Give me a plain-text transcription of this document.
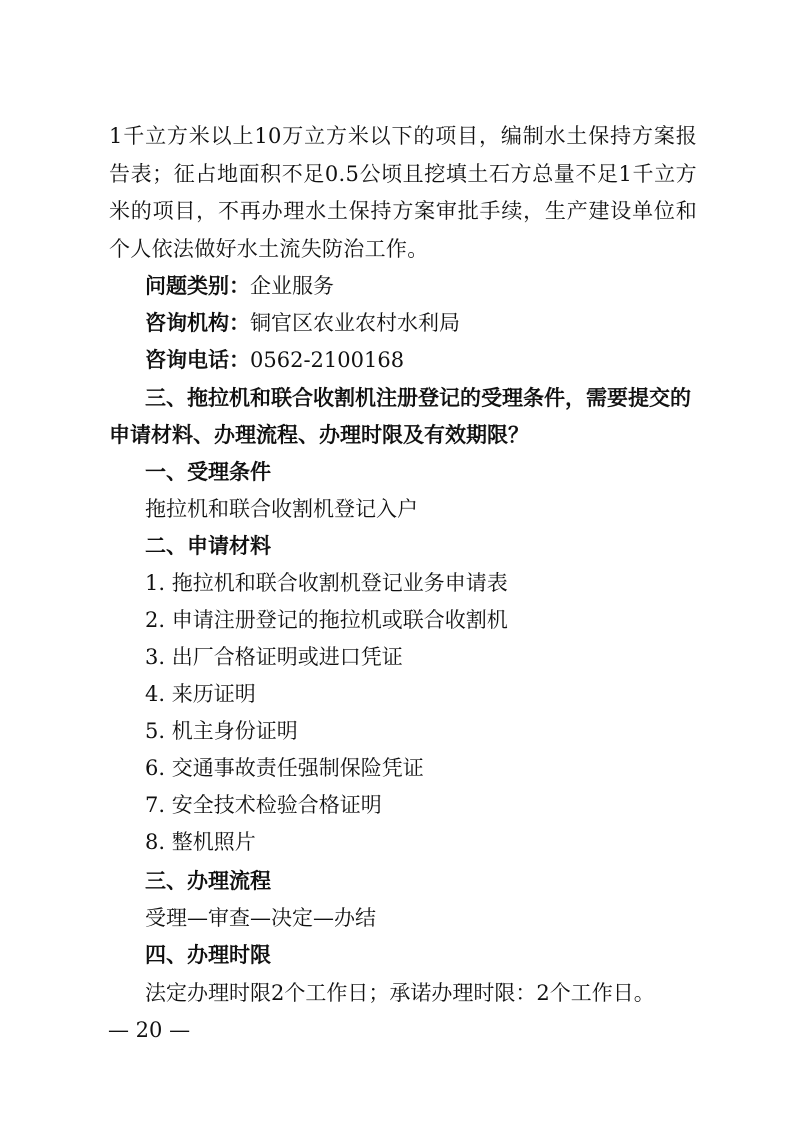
1千立方米以上10万立方米以下的项目，编制水土保持方案报告表；征占地面积不足0.5公顷且挖填土石方总量不足1千立方米的项目，不再办理水土保持方案审批手续，生产建设单位和个人依法做好水土流失防治工作。
问题类别：企业服务
咨询机构：铜官区农业农村水利局
咨询电话：0562-2100168
三、拖拉机和联合收割机注册登记的受理条件，需要提交的申请材料、办理流程、办理时限及有效期限？
一、受理条件
拖拉机和联合收割机登记入户
二、申请材料
1. 拖拉机和联合收割机登记业务申请表
2. 申请注册登记的拖拉机或联合收割机
3. 出厂合格证明或进口凭证
4. 来历证明
5. 机主身份证明
6. 交通事故责任强制保险凭证
7. 安全技术检验合格证明
8. 整机照片
三、办理流程
受理—审查—决定—办结
四、办理时限
法定办理时限2个工作日；承诺办理时限：2个工作日。
— 20 —
